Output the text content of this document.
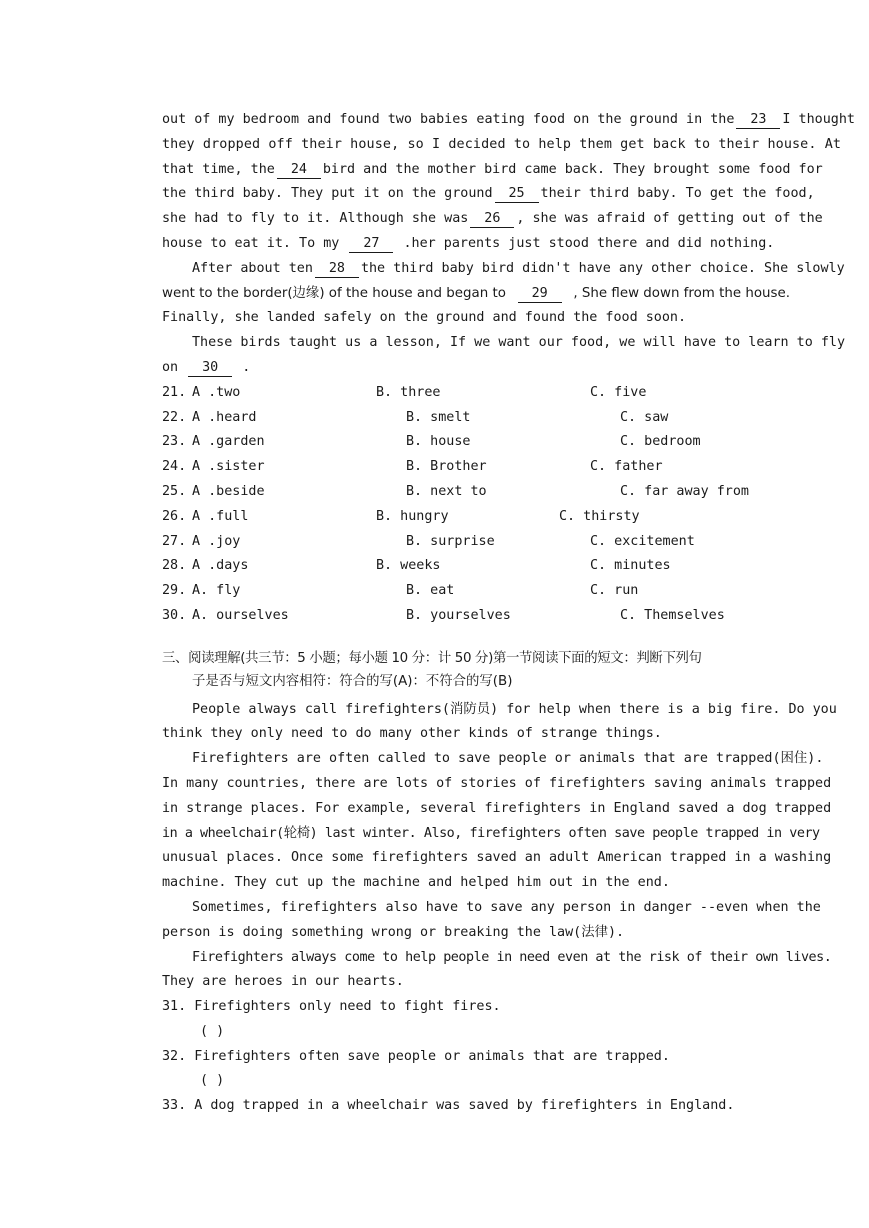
out of my bedroom and found two babies eating food on the ground in the	23	I thought
they dropped off their house, so I decided to help them get back to their house. At
that time, the	24	bird and the mother bird came back. They brought some food for
the third baby. They put it on the ground	25	their third baby. To get the food,
she had to fly to it. Although she was	26	, she was afraid of getting out of the
house to eat it. To my 27 .her parents just stood there and did nothing.
After about ten	28	the third baby bird didn't have any other choice. She slowly
went to the border(边缘) of the house and began to	29	, She flew down from the house.
Finally, she landed safely on the ground and found the food soon.
These birds taught us a lesson, If we want our food, we will have to learn to fly
on 30 .
21. A .two	B. three	C. five
22. A .heard	B. smelt	C. saw
23. A .garden	B. house	C. bedroom
24. A .sister	B. Brother	C. father
25. A .beside	B. next to	C. far away from
26. A .full	B. hungry	C. thirsty
27. A .joy	B. surprise	C. excitement
28. A .days	B. weeks	C. minutes
29. A. fly	B. eat	C. run
30. A. ourselves	B. yourselves	C. Themselves
三、阅读理解(共三节：5 小题；每小题 10 分：计 50 分)第一节阅读下面的短文：判断下列句
子是否与短文内容相符：符合的写(A)：不符合的写(B)
People always call firefighters(消防员) for help when there is a big fire. Do you
think they only need to do many other kinds of strange things.
Firefighters are often called to save people or animals that are trapped(困住).
In many countries, there are lots of stories of firefighters saving animals trapped
in strange places. For example, several firefighters in England saved a dog trapped
in a wheelchair(轮椅) last winter. Also, firefighters often save people trapped in very
unusual places. Once some firefighters saved an adult American trapped in a washing
machine. They cut up the machine and helped him out in the end.
Sometimes, firefighters also have to save any person in danger --even when the
person is doing something wrong or breaking the law(法律).
Firefighters always come to help people in need even at the risk of their own lives.
They are heroes in our hearts.
31. Firefighters only need to fight fires.
( )
32. Firefighters often save people or animals that are trapped.
( )
33. A dog trapped in a wheelchair was saved by firefighters in England.
